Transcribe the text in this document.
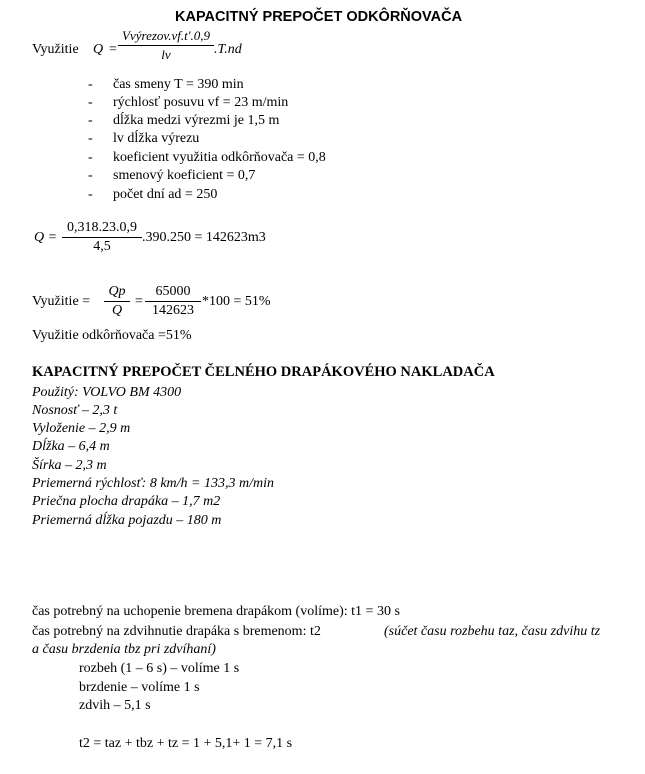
KAPACITNÝ PREPOČET ODKÔRŇOVAČA
Využitie Q =
Vvýrezov.vf.t'.0,9
lv	.T.nd
- čas smeny T = 390 min
- rýchlosť posuvu vf = 23 m/min
- dĺžka medzi výrezmi je 1,5 m
- lv dĺžka výrezu
- koeficient využitia odkôrňovača = 0,8
- smenový koeficient = 0,7
- počet dní ad = 250
Q =
0,318.23.0,9
4,5
.390.250 = 142623m3
Využitie =
Qp
Q
=
65000
142623
*100 = 51%
Využitie odkôrňovača =51%
KAPACITNÝ PREPOČET ČELNÉHO DRAPÁKOVÉHO NAKLADAČA
Použitý: VOLVO BM 4300
Nosnosť – 2,3 t
Vyloženie – 2,9 m
Dĺžka – 6,4 m
Šírka – 2,3 m
Priemerná rýchlosť: 8 km/h = 133,3 m/min
Priečna plocha drapáka – 1,7 m2
Priemerná dĺžka pojazdu – 180 m
čas potrebný na uchopenie bremena drapákom (volíme): t1 = 30 s
čas potrebný na zdvihnutie drapáka s bremenom: t2	(súčet času rozbehu taz, času zdvihu tz
a času brzdenia tbz pri zdvíhaní)
rozbeh (1 – 6 s) – volíme 1 s
brzdenie – volíme 1 s
zdvih – 5,1 s
t2 = taz + tbz + tz = 1 + 5,1+ 1 = 7,1 s
